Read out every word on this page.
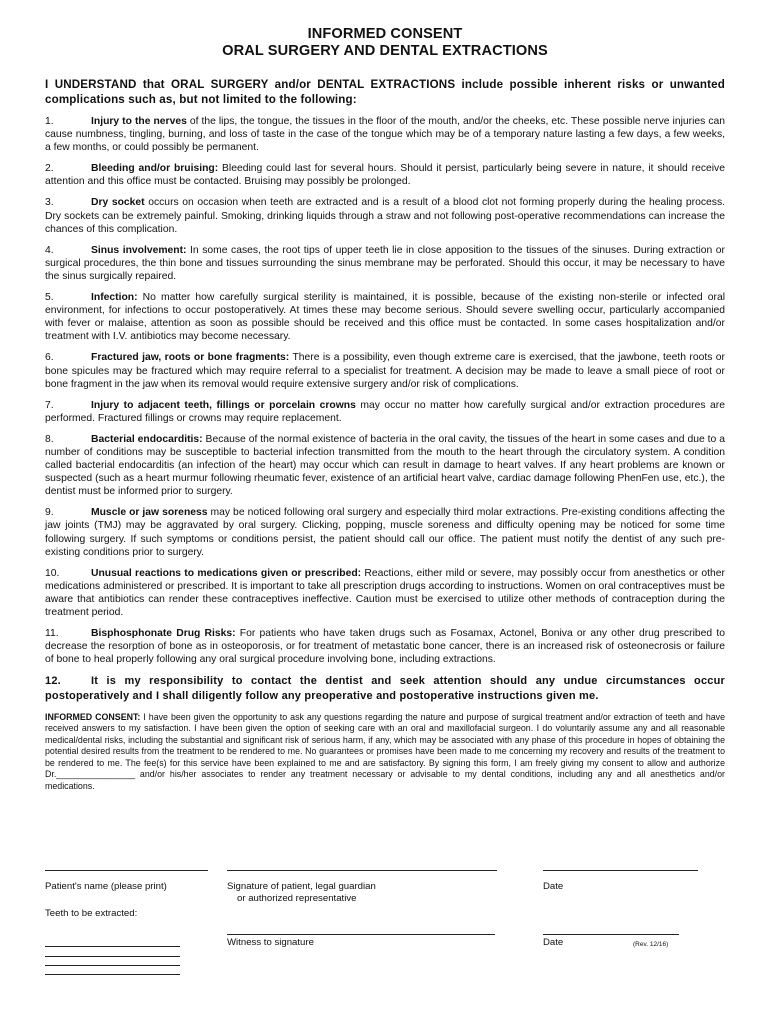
INFORMED CONSENT
ORAL SURGERY AND DENTAL EXTRACTIONS
I UNDERSTAND that ORAL SURGERY and/or DENTAL EXTRACTIONS include possible inherent risks or unwanted complications such as, but not limited to the following:
1.	Injury to the nerves of the lips, the tongue, the tissues in the floor of the mouth, and/or the cheeks, etc. These possible nerve injuries can cause numbness, tingling, burning, and loss of taste in the case of the tongue which may be of a temporary nature lasting a few days, a few weeks, a few months, or could possibly be permanent.
2.	Bleeding and/or bruising: Bleeding could last for several hours. Should it persist, particularly being severe in nature, it should receive attention and this office must be contacted. Bruising may possibly be prolonged.
3.	Dry socket occurs on occasion when teeth are extracted and is a result of a blood clot not forming properly during the healing process. Dry sockets can be extremely painful. Smoking, drinking liquids through a straw and not following post-operative recommendations can increase the chances of this complication.
4.	Sinus involvement: In some cases, the root tips of upper teeth lie in close apposition to the tissues of the sinuses. During extraction or surgical procedures, the thin bone and tissues surrounding the sinus membrane may be perforated. Should this occur, it may be necessary to have the sinus surgically repaired.
5.	Infection: No matter how carefully surgical sterility is maintained, it is possible, because of the existing non-sterile or infected oral environment, for infections to occur postoperatively. At times these may become serious. Should severe swelling occur, particularly accompanied with fever or malaise, attention as soon as possible should be received and this office must be contacted. In some cases hospitalization and/or treatment with I.V. antibiotics may become necessary.
6.	Fractured jaw, roots or bone fragments: There is a possibility, even though extreme care is exercised, that the jawbone, teeth roots or bone spicules may be fractured which may require referral to a specialist for treatment. A decision may be made to leave a small piece of root or bone fragment in the jaw when its removal would require extensive surgery and/or risk of complications.
7.	Injury to adjacent teeth, fillings or porcelain crowns may occur no matter how carefully surgical and/or extraction procedures are performed. Fractured fillings or crowns may require replacement.
8.	Bacterial endocarditis: Because of the normal existence of bacteria in the oral cavity, the tissues of the heart in some cases and due to a number of conditions may be susceptible to bacterial infection transmitted from the mouth to the heart through the circulatory system. A condition called bacterial endocarditis (an infection of the heart) may occur which can result in damage to heart valves. If any heart problems are known or suspected (such as a heart murmur following rheumatic fever, existence of an artificial heart valve, cardiac damage following PhenFen use, etc.), the dentist must be informed prior to surgery.
9.	Muscle or jaw soreness may be noticed following oral surgery and especially third molar extractions. Pre-existing conditions affecting the jaw joints (TMJ) may be aggravated by oral surgery. Clicking, popping, muscle soreness and difficulty opening may be noticed for some time following surgery. If such symptoms or conditions persist, the patient should call our office. The patient must notify the dentist of any such pre-existing conditions prior to surgery.
10.	Unusual reactions to medications given or prescribed: Reactions, either mild or severe, may possibly occur from anesthetics or other medications administered or prescribed. It is important to take all prescription drugs according to instructions. Women on oral contraceptives must be aware that antibiotics can render these contraceptives ineffective. Caution must be exercised to utilize other methods of contraception during the treatment period.
11.	Bisphosphonate Drug Risks: For patients who have taken drugs such as Fosamax, Actonel, Boniva or any other drug prescribed to decrease the resorption of bone as in osteoporosis, or for treatment of metastatic bone cancer, there is an increased risk of osteonecrosis or failure of bone to heal properly following any oral surgical procedure involving bone, including extractions.
12.	It is my responsibility to contact the dentist and seek attention should any undue circumstances occur postoperatively and I shall diligently follow any preoperative and postoperative instructions given me.
INFORMED CONSENT: I have been given the opportunity to ask any questions regarding the nature and purpose of surgical treatment and/or extraction of teeth and have received answers to my satisfaction. I have been given the option of seeking care with an oral and maxillofacial surgeon. I do voluntarily assume any and all reasonable medical/dental risks, including the substantial and significant risk of serious harm, if any, which may be associated with any phase of this procedure in hopes of obtaining the potential desired results from the treatment to be rendered to me. No guarantees or promises have been made to me concerning my recovery and results of the treatment to be rendered to me. The fee(s) for this service have been explained to me and are satisfactory. By signing this form, I am freely giving my consent to allow and authorize Dr.________________ and/or his/her associates to render any treatment necessary or advisable to my dental conditions, including any and all anesthetics and/or medications.
Patient's name (please print)	Signature of patient, legal guardian
or authorized representative
Date
Teeth to be extracted:
Witness to signature	Date	(Rev. 12/16)
